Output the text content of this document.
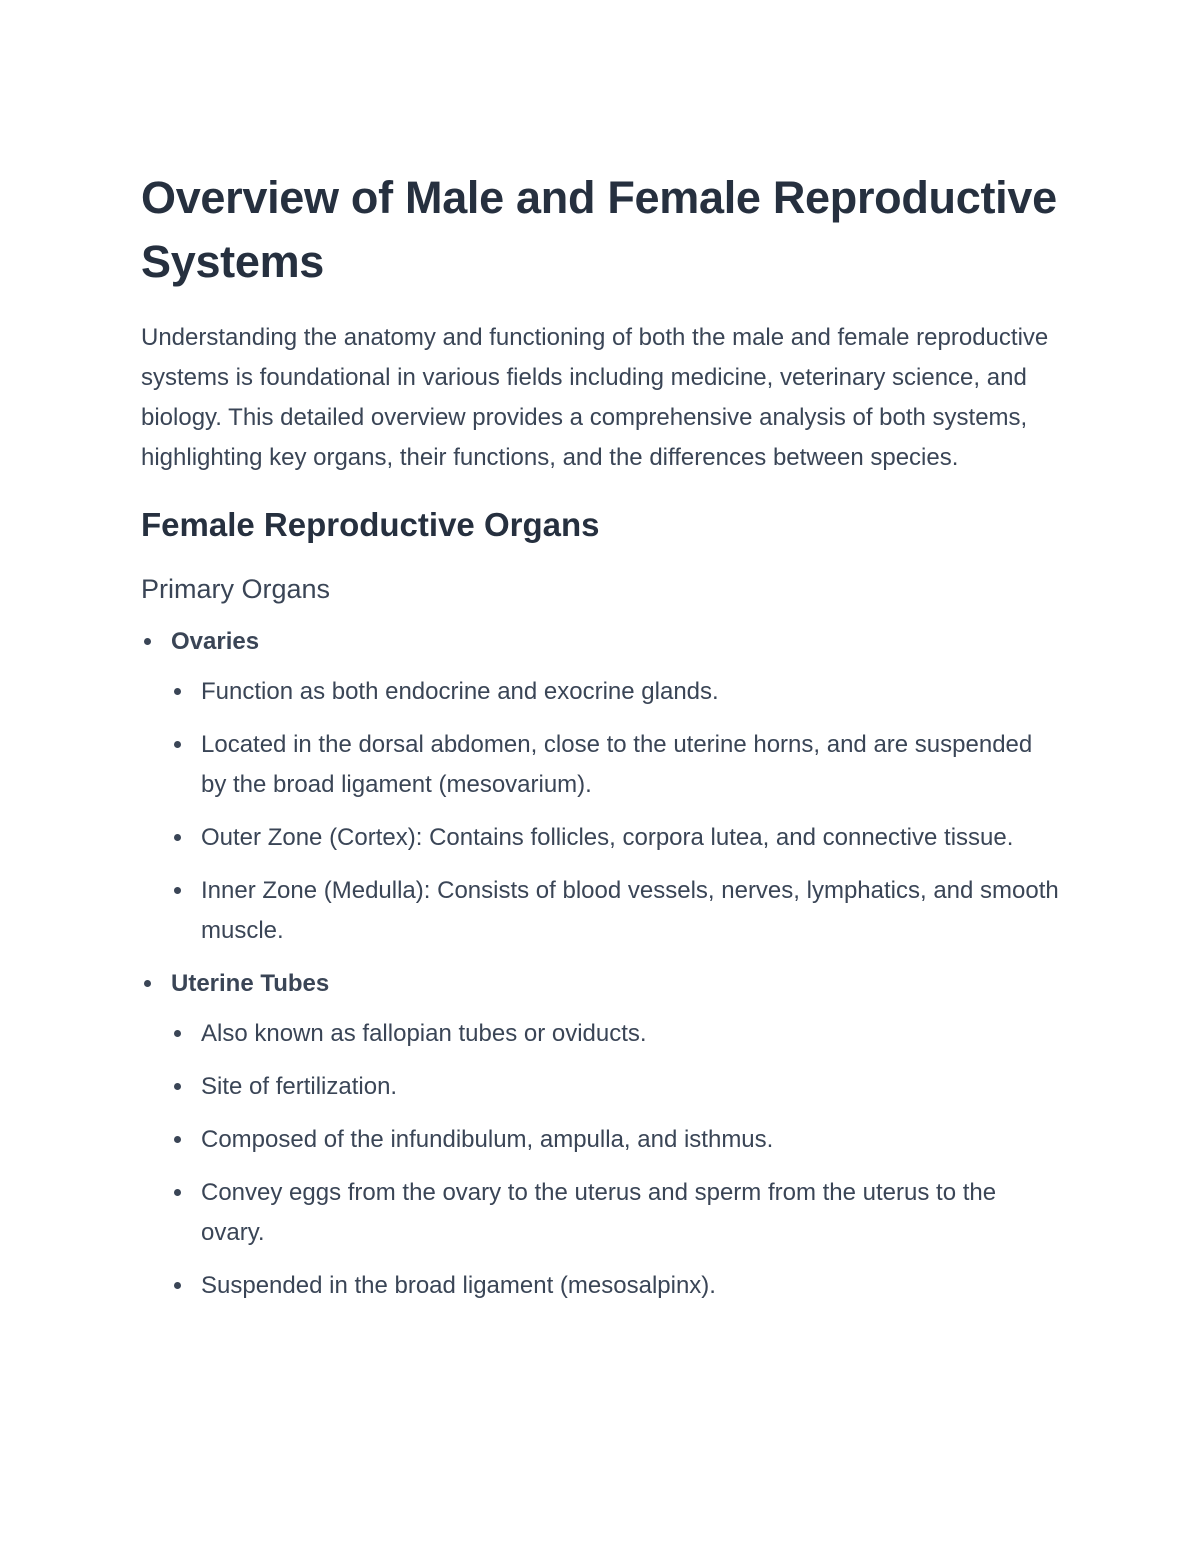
Overview of Male and Female Reproductive Systems

Understanding the anatomy and functioning of both the male and female reproductive systems is foundational in various fields including medicine, veterinary science, and biology. This detailed overview provides a comprehensive analysis of both systems, highlighting key organs, their functions, and the differences between species.

Female Reproductive Organs
Primary Organs
Ovaries
Function as both endocrine and exocrine glands.
Located in the dorsal abdomen, close to the uterine horns, and are suspended by the broad ligament (mesovarium).
Outer Zone (Cortex): Contains follicles, corpora lutea, and connective tissue.
Inner Zone (Medulla): Consists of blood vessels, nerves, lymphatics, and smooth muscle.
Uterine Tubes
Also known as fallopian tubes or oviducts.
Site of fertilization.
Composed of the infundibulum, ampulla, and isthmus.
Convey eggs from the ovary to the uterus and sperm from the uterus to the ovary.
Suspended in the broad ligament (mesosalpinx).
